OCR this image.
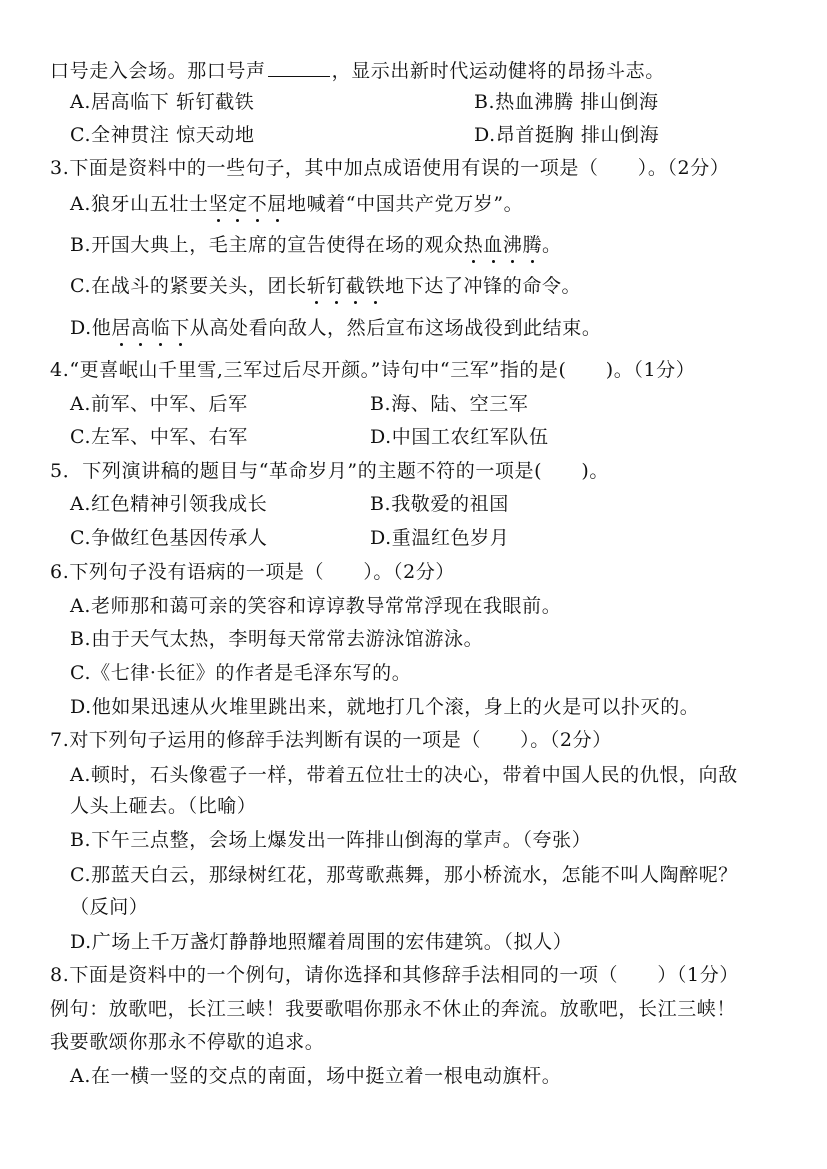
口号走入会场。那口号声	，显示出新时代运动健将的昂扬斗志。
A.居高临下 斩钉截铁	B.热血沸腾 排山倒海
C.全神贯注 惊天动地	D.昂首挺胸 排山倒海
3.下面是资料中的一些句子，其中加点成语使用有误的一项是（　　）。（2分）
A.狼牙山五壮士坚定不屈地喊着“中国共产党万岁”。
B.开国大典上，毛主席的宣告使得在场的观众热血沸腾。
C.在战斗的紧要关头，团长斩钉截铁地下达了冲锋的命令。
D.他居高临下从高处看向敌人，然后宣布这场战役到此结束。
4.“更喜岷山千里雪,三军过后尽开颜。”诗句中“三军”指的是(　　)。（1分）
A.前军、中军、后军	B.海、陆、空三军
C.左军、中军、右军	D.中国工农红军队伍
5．下列演讲稿的题目与“革命岁月”的主题不符的一项是(　　)。
A.红色精神引领我成长	B.我敬爱的祖国
C.争做红色基因传承人	D.重温红色岁月
6.下列句子没有语病的一项是（　　）。（2分）
A.老师那和蔼可亲的笑容和谆谆教导常常浮现在我眼前。
B.由于天气太热，李明每天常常去游泳馆游泳。
C.《七律·长征》的作者是毛泽东写的。
D.他如果迅速从火堆里跳出来，就地打几个滚，身上的火是可以扑灭的。
7.对下列句子运用的修辞手法判断有误的一项是（　　）。（2分）
A.顿时，石头像雹子一样，带着五位壮士的决心，带着中国人民的仇恨，向敌
人头上砸去。（比喻）
B.下午三点整，会场上爆发出一阵排山倒海的掌声。（夸张）
C.那蓝天白云，那绿树红花，那莺歌燕舞，那小桥流水，怎能不叫人陶醉呢？
（反问）
D.广场上千万盏灯静静地照耀着周围的宏伟建筑。（拟人）
8.下面是资料中的一个例句，请你选择和其修辞手法相同的一项（　　）（1分）
例句：放歌吧，长江三峡！我要歌唱你那永不休止的奔流。放歌吧，长江三峡！
我要歌颂你那永不停歇的追求。
A.在一横一竖的交点的南面，场中挺立着一根电动旗杆。
